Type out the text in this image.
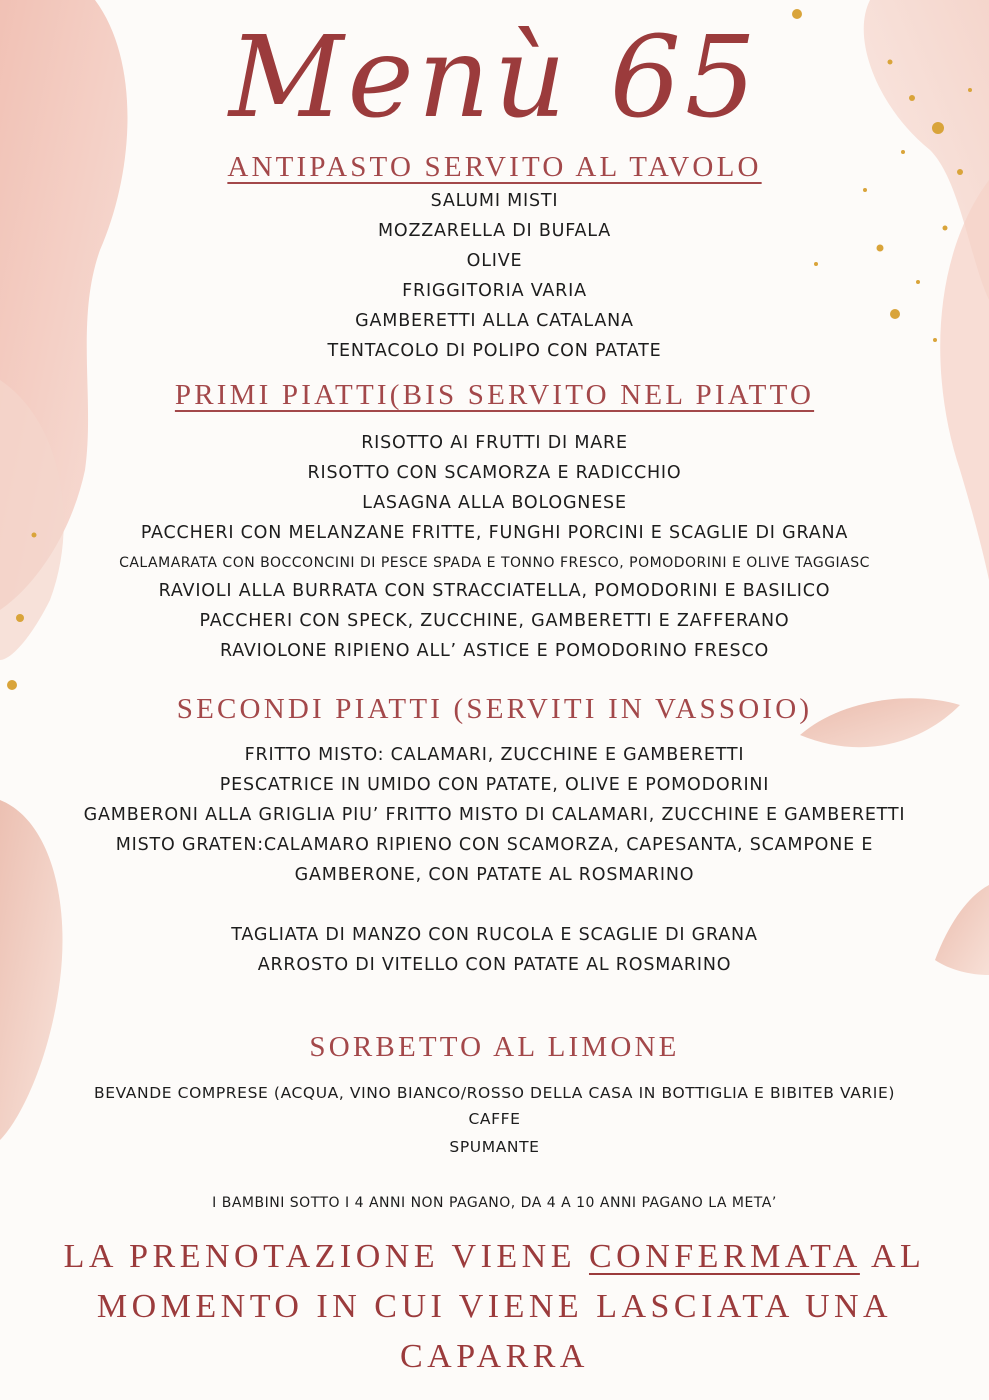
Menù 65
ANTIPASTO SERVITO AL TAVOLO
SALUMI MISTI
MOZZARELLA DI BUFALA
OLIVE
FRIGGITORIA VARIA
GAMBERETTI ALLA CATALANA
TENTACOLO DI POLIPO CON PATATE
PRIMI PIATTI(BIS SERVITO NEL PIATTO
RISOTTO AI FRUTTI DI MARE
RISOTTO CON SCAMORZA E RADICCHIO
LASAGNA ALLA BOLOGNESE
PACCHERI CON MELANZANE FRITTE, FUNGHI PORCINI E SCAGLIE DI GRANA
CALAMARATA CON BOCCONCINI DI PESCE SPADA E TONNO FRESCO, POMODORINI E OLIVE TAGGIASC
RAVIOLI ALLA BURRATA CON STRACCIATELLA, POMODORINI E BASILICO
PACCHERI CON SPECK, ZUCCHINE, GAMBERETTI E ZAFFERANO
RAVIOLONE RIPIENO ALL’ ASTICE E POMODORINO FRESCO
SECONDI PIATTI (SERVITI IN VASSOIO)
FRITTO MISTO: CALAMARI, ZUCCHINE E GAMBERETTI
PESCATRICE IN UMIDO CON PATATE, OLIVE E POMODORINI
GAMBERONI ALLA GRIGLIA PIU’ FRITTO MISTO DI CALAMARI, ZUCCHINE E GAMBERETTI
MISTO GRATEN:CALAMARO RIPIENO CON SCAMORZA, CAPESANTA, SCAMPONE E
GAMBERONE, CON PATATE AL ROSMARINO
TAGLIATA DI MANZO CON RUCOLA E SCAGLIE DI GRANA
ARROSTO DI VITELLO CON PATATE AL ROSMARINO
SORBETTO AL LIMONE
BEVANDE COMPRESE (ACQUA, VINO BIANCO/ROSSO DELLA CASA IN BOTTIGLIA E BIBITEB VARIE)
CAFFE
SPUMANTE
I BAMBINI SOTTO I 4 ANNI NON PAGANO, DA 4 A 10 ANNI PAGANO LA META’
LA PRENOTAZIONE VIENE CONFERMATA AL
MOMENTO IN CUI VIENE LASCIATA UNA
CAPARRA
